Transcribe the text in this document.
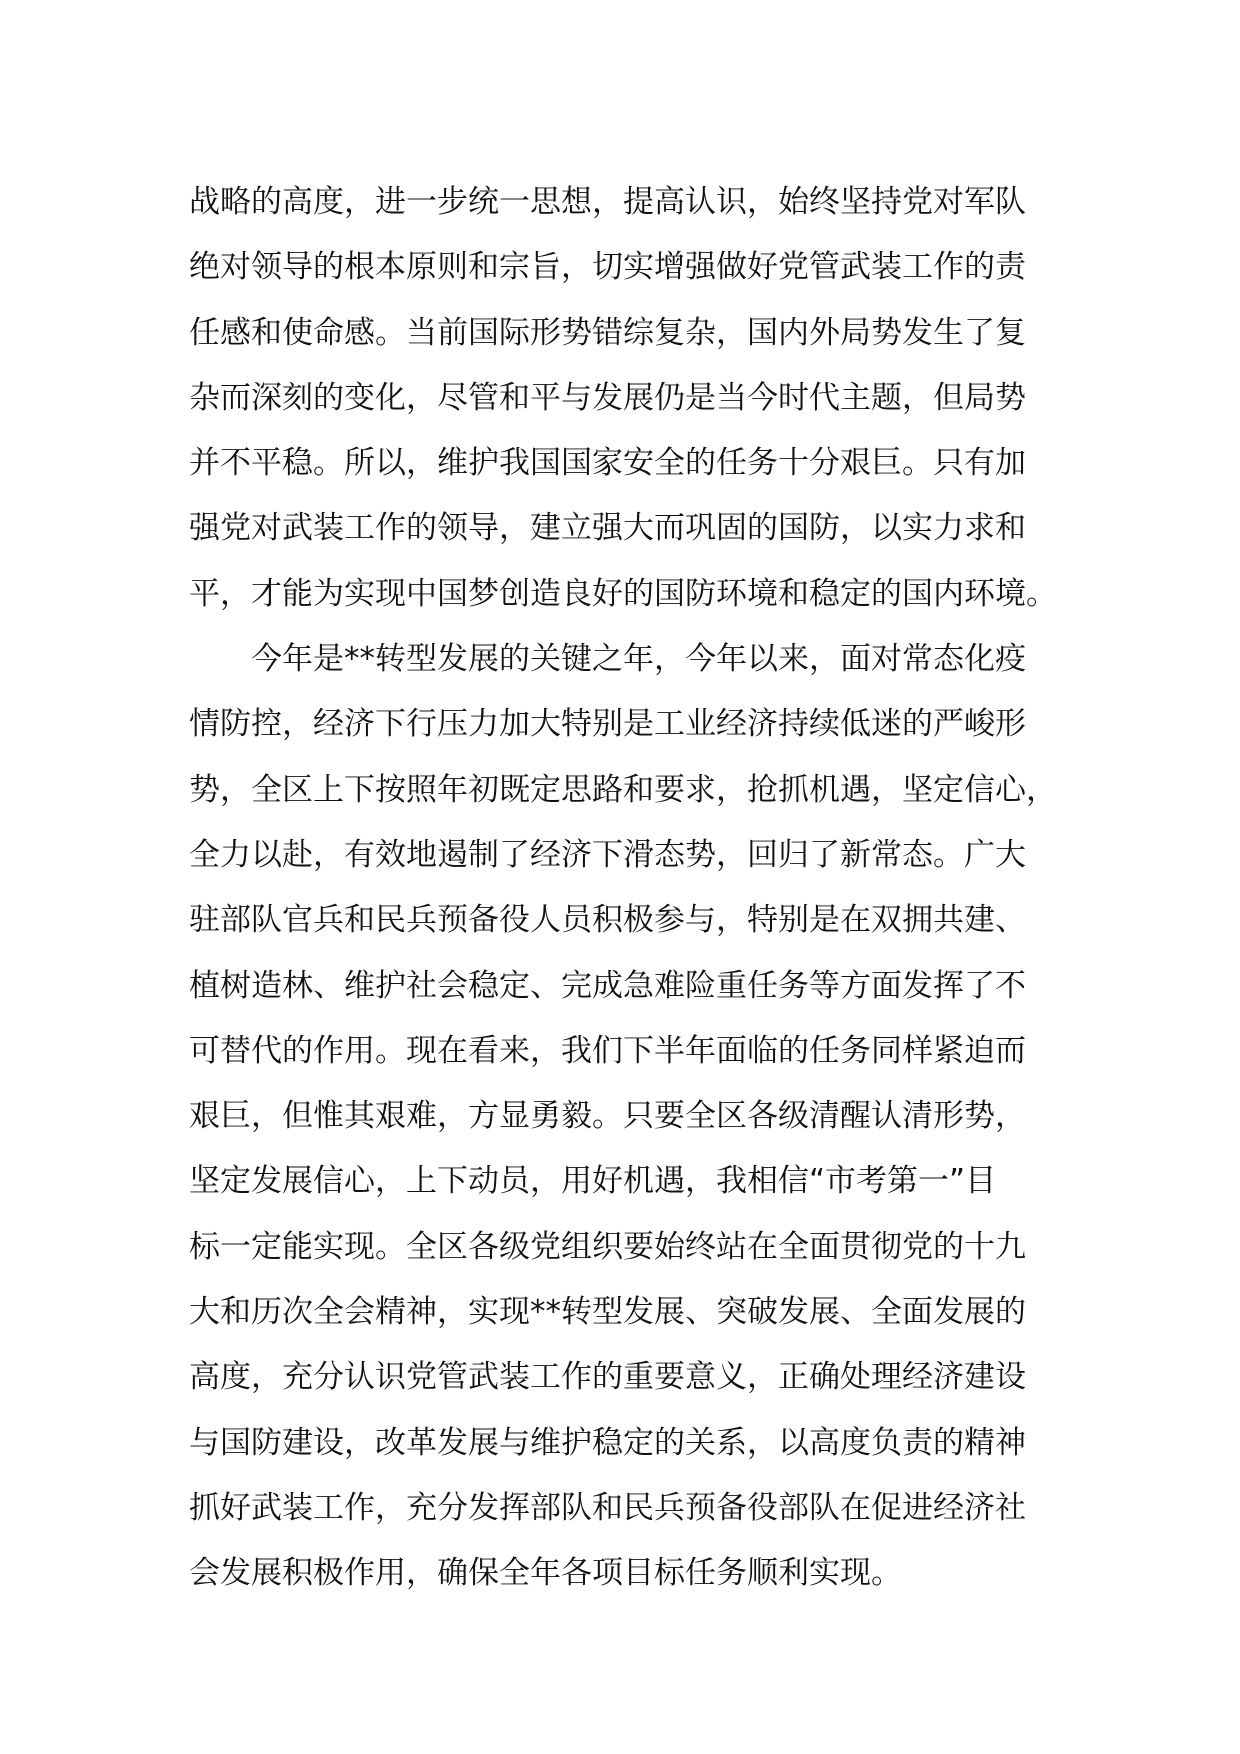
战略的高度，进一步统一思想，提高认识，始终坚持党对军队
绝对领导的根本原则和宗旨，切实增强做好党管武装工作的责
任感和使命感。当前国际形势错综复杂，国内外局势发生了复
杂而深刻的变化，尽管和平与发展仍是当今时代主题，但局势
并不平稳。所以，维护我国国家安全的任务十分艰巨。只有加
强党对武装工作的领导，建立强大而巩固的国防，以实力求和
平，才能为实现中国梦创造良好的国防环境和稳定的国内环境。
今年是**转型发展的关键之年，今年以来，面对常态化疫
情防控，经济下行压力加大特别是工业经济持续低迷的严峻形
势，全区上下按照年初既定思路和要求，抢抓机遇，坚定信心，
全力以赴，有效地遏制了经济下滑态势，回归了新常态。广大
驻部队官兵和民兵预备役人员积极参与，特别是在双拥共建、
植树造林、维护社会稳定、完成急难险重任务等方面发挥了不
可替代的作用。现在看来，我们下半年面临的任务同样紧迫而
艰巨，但惟其艰难，方显勇毅。只要全区各级清醒认清形势，
坚定发展信心，上下动员，用好机遇，我相信“市考第一”目
标一定能实现。全区各级党组织要始终站在全面贯彻党的十九
大和历次全会精神，实现**转型发展、突破发展、全面发展的
高度，充分认识党管武装工作的重要意义，正确处理经济建设
与国防建设，改革发展与维护稳定的关系，以高度负责的精神
抓好武装工作，充分发挥部队和民兵预备役部队在促进经济社
会发展积极作用，确保全年各项目标任务顺利实现。
